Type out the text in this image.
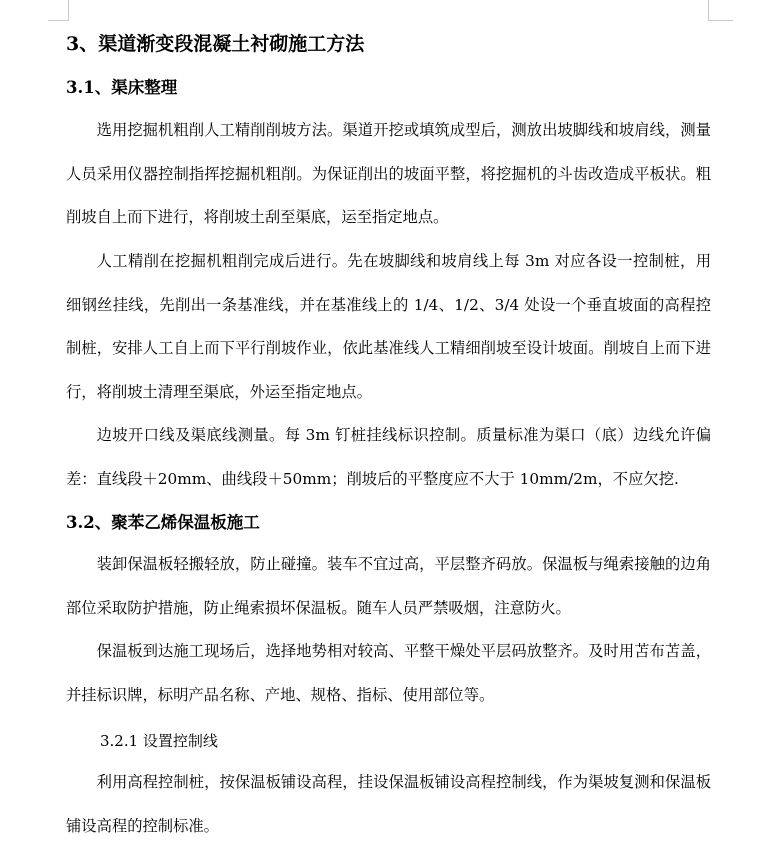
3、渠道渐变段混凝土衬砌施工方法
3.1、渠床整理

选用挖掘机粗削人工精削削坡方法。渠道开挖或填筑成型后，测放出坡脚线和坡肩线，测量人员采用仪器控制指挥挖掘机粗削。为保证削出的坡面平整，将挖掘机的斗齿改造成平板状。粗削坡自上而下进行，将削坡土刮至渠底，运至指定地点。

人工精削在挖掘机粗削完成后进行。先在坡脚线和坡肩线上每 3m 对应各设一控制桩，用细钢丝挂线，先削出一条基准线，并在基准线上的 1/4、1/2、3/4 处设一个垂直坡面的高程控制桩，安排人工自上而下平行削坡作业，依此基准线人工精细削坡至设计坡面。削坡自上而下进行，将削坡土清理至渠底，外运至指定地点。

边坡开口线及渠底线测量。每 3m 钉桩挂线标识控制。质量标准为渠口（底）边线允许偏差：直线段＋20mm、曲线段＋50mm；削坡后的平整度应不大于 10mm/2m，不应欠挖.

3.2、聚苯乙烯保温板施工

装卸保温板轻搬轻放，防止碰撞。装车不宜过高，平层整齐码放。保温板与绳索接触的边角部位采取防护措施，防止绳索损坏保温板。随车人员严禁吸烟，注意防火。

保温板到达施工现场后，选择地势相对较高、平整干燥处平层码放整齐。及时用苫布苫盖，并挂标识牌，标明产品名称、产地、规格、指标、使用部位等。

3.2.1 设置控制线

利用高程控制桩，按保温板铺设高程，挂设保温板铺设高程控制线，作为渠坡复测和保温板铺设高程的控制标准。
